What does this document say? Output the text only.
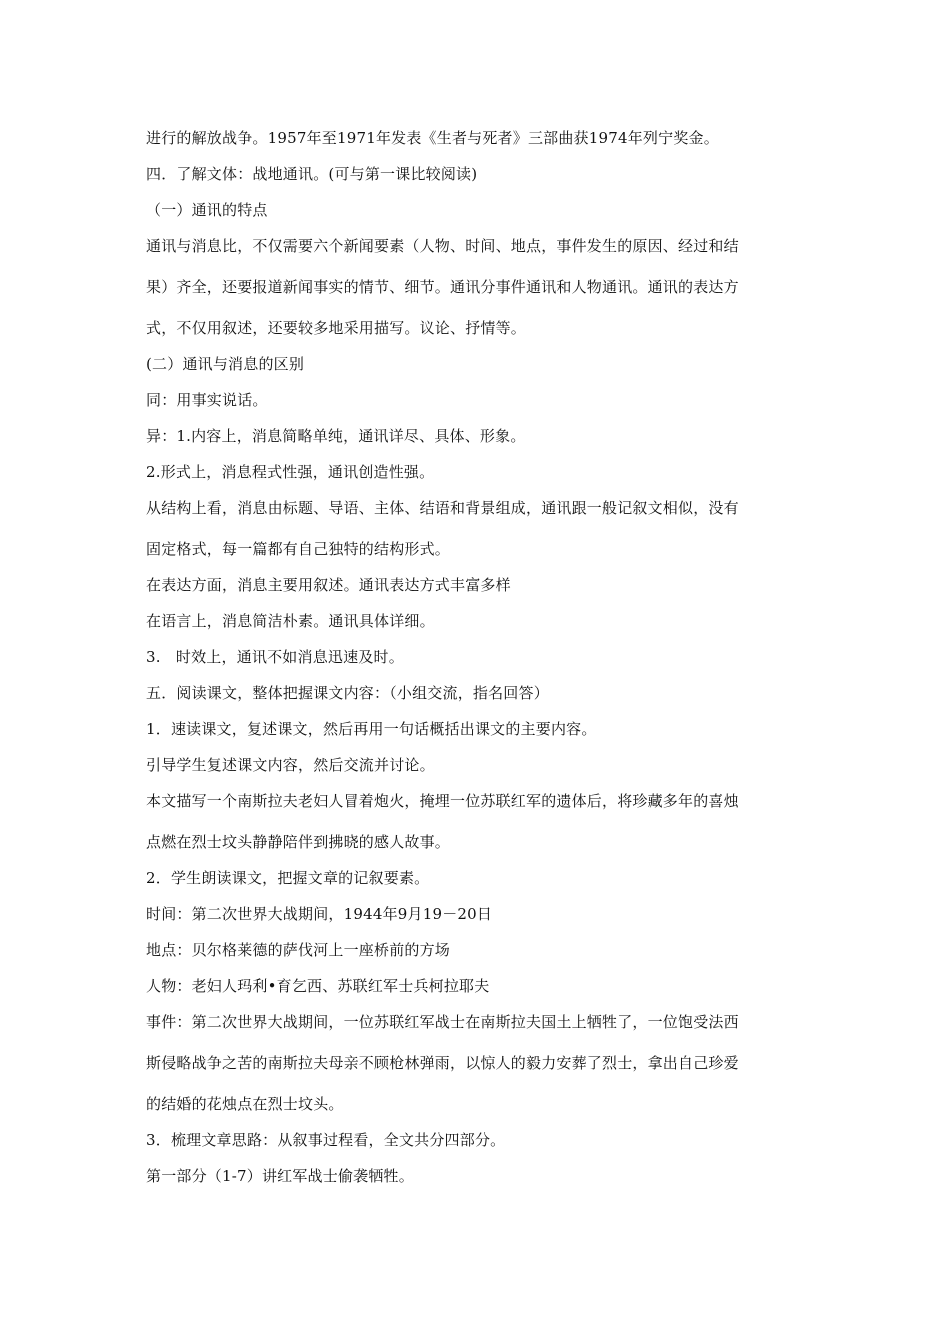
进行的解放战争。1957年至1971年发表《生者与死者》三部曲获1974年列宁奖金。
四．了解文体：战地通讯。(可与第一课比较阅读)
（一）通讯的特点
通讯与消息比，不仅需要六个新闻要素（人物、时间、地点，事件发生的原因、经过和结
果）齐全，还要报道新闻事实的情节、细节。通讯分事件通讯和人物通讯。通讯的表达方
式，不仅用叙述，还要较多地采用描写。议论、抒情等。
(二）通讯与消息的区别
同：用事实说话。
异：1.内容上，消息简略单纯，通讯详尽、具体、形象。
2.形式上，消息程式性强，通讯创造性强。
从结构上看，消息由标题、导语、主体、结语和背景组成，通讯跟一般记叙文相似，没有
固定格式，每一篇都有自己独特的结构形式。
在表达方面，消息主要用叙述。通讯表达方式丰富多样
在语言上，消息简洁朴素。通讯具体详细。
3.　时效上，通讯不如消息迅速及时。
五．阅读课文，整体把握课文内容：（小组交流，指名回答）
1．速读课文，复述课文，然后再用一句话概括出课文的主要内容。
引导学生复述课文内容，然后交流并讨论。
本文描写一个南斯拉夫老妇人冒着炮火，掩埋一位苏联红军的遗体后，将珍藏多年的喜烛
点燃在烈士坟头静静陪伴到拂晓的感人故事。
2．学生朗读课文，把握文章的记叙要素。
时间：第二次世界大战期间，1944年9月19－20日
地点：贝尔格莱德的萨伐河上一座桥前的方场
人物：老妇人玛利•育乞西、苏联红军士兵柯拉耶夫
事件：第二次世界大战期间，一位苏联红军战士在南斯拉夫国土上牺牲了，一位饱受法西
斯侵略战争之苦的南斯拉夫母亲不顾枪林弹雨，以惊人的毅力安葬了烈士，拿出自己珍爱
的结婚的花烛点在烈士坟头。
3．梳理文章思路：从叙事过程看，全文共分四部分。
第一部分（1-7）讲红军战士偷袭牺牲。
